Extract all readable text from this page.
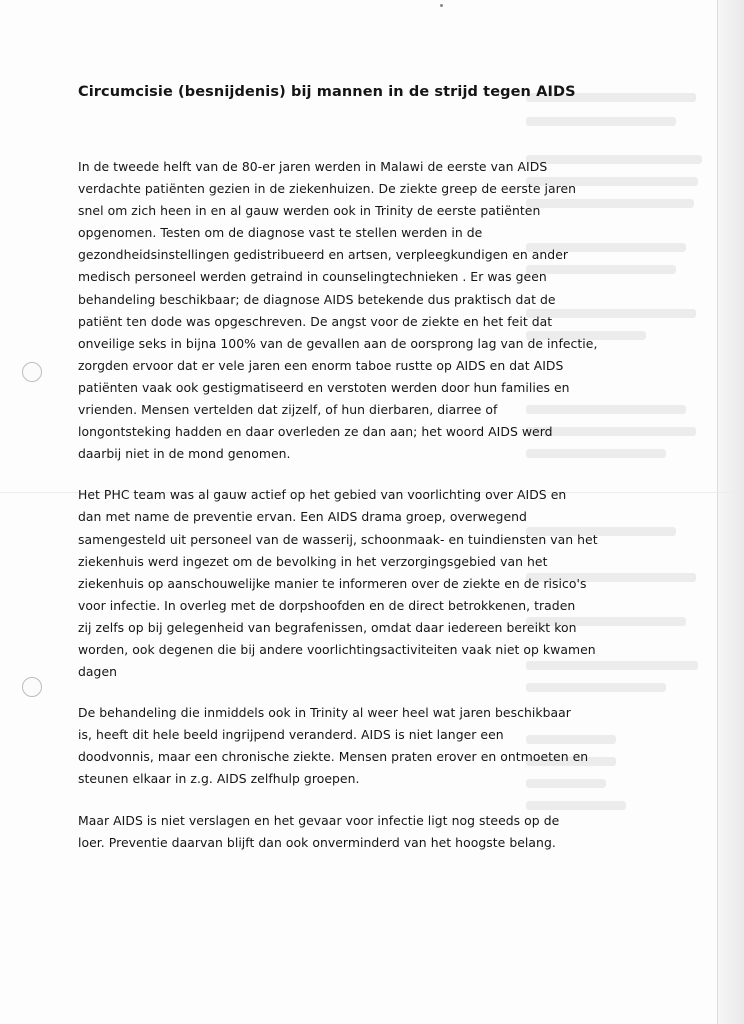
Circumcisie (besnijdenis) bij mannen in de strijd tegen AIDS

In de tweede helft van de 80-er jaren werden in Malawi de eerste van AIDS
verdachte patiënten gezien in de ziekenhuizen. De ziekte greep de eerste jaren
snel om zich heen in en al gauw werden ook in Trinity de eerste patiënten
opgenomen. Testen om de diagnose vast te stellen werden in de
gezondheidsinstellingen gedistribueerd en artsen, verpleegkundigen en ander
medisch personeel werden getraind in counselingtechnieken . Er was geen
behandeling beschikbaar; de diagnose AIDS betekende dus praktisch dat de
patiënt ten dode was opgeschreven. De angst voor de ziekte en het feit dat
onveilige seks in bijna 100% van de gevallen aan de oorsprong lag van de infectie,
zorgden ervoor dat er vele jaren een enorm taboe rustte op AIDS en dat AIDS
patiënten vaak ook gestigmatiseerd en verstoten werden door hun families en
vrienden. Mensen vertelden dat zijzelf, of hun dierbaren, diarree of
longontsteking hadden en daar overleden ze dan aan; het woord AIDS werd
daarbij niet in de mond genomen.

Het PHC team was al gauw actief op het gebied van voorlichting over AIDS en
dan met name de preventie ervan. Een AIDS drama groep, overwegend
samengesteld uit personeel van de wasserij, schoonmaak- en tuindiensten van het
ziekenhuis werd ingezet om de bevolking in het verzorgingsgebied van het
ziekenhuis op aanschouwelijke manier te informeren over de ziekte en de risico's
voor infectie. In overleg met de dorpshoofden en de direct betrokkenen, traden
zij zelfs op bij gelegenheid van begrafenissen, omdat daar iedereen bereikt kon
worden, ook degenen die bij andere voorlichtingsactiviteiten vaak niet op kwamen
dagen

De behandeling die inmiddels ook in Trinity al weer heel wat jaren beschikbaar
is, heeft dit hele beeld ingrijpend veranderd. AIDS is niet langer een
doodvonnis, maar een chronische ziekte. Mensen praten erover en ontmoeten en
steunen elkaar in z.g. AIDS zelfhulp groepen.

Maar AIDS is niet verslagen en het gevaar voor infectie ligt nog steeds op de
loer. Preventie daarvan blijft dan ook onverminderd van het hoogste belang.
